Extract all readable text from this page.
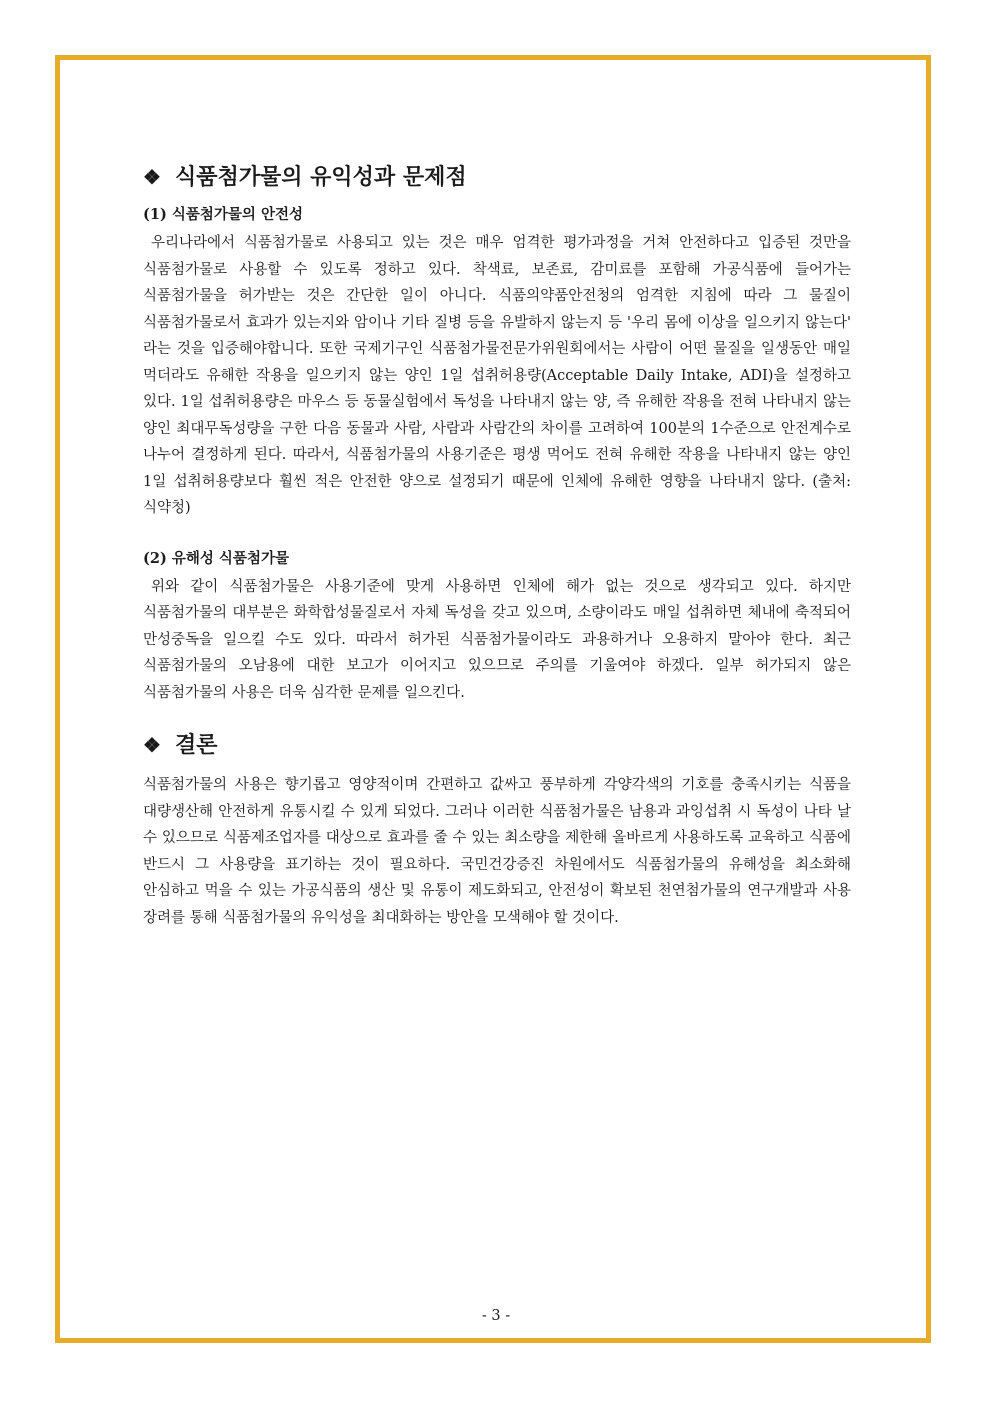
❖ 식품첨가물의 유익성과 문제점
(1) 식품첨가물의 안전성

우리나라에서 식품첨가물로 사용되고 있는 것은 매우 엄격한 평가과정을 거쳐 안전하다고 입증된 것만을 식품첨가물로 사용할 수 있도록 정하고 있다. 착색료, 보존료, 감미료를 포함해 가공식품에 들어가는 식품첨가물을 허가받는 것은 간단한 일이 아니다. 식품의약품안전청의 엄격한 지침에 따라 그 물질이 식품첨가물로서 효과가 있는지와 암이나 기타 질병 등을 유발하지 않는지 등 '우리 몸에 이상을 일으키지 않는다' 라는 것을 입증해야합니다. 또한 국제기구인 식품첨가물전문가위원회에서는 사람이 어떤 물질을 일생동안 매일 먹더라도 유해한 작용을 일으키지 않는 양인 1일 섭취허용량(Acceptable Daily Intake, ADI)을 설정하고 있다. 1일 섭취허용량은 마우스 등 동물실험에서 독성을 나타내지 않는 양, 즉 유해한 작용을 전혀 나타내지 않는 양인 최대무독성량을 구한 다음 동물과 사람, 사람과 사람간의 차이를 고려하여 100분의 1수준으로 안전계수로 나누어 결정하게 된다. 따라서, 식품첨가물의 사용기준은 평생 먹어도 전혀 유해한 작용을 나타내지 않는 양인 1일 섭취허용량보다 훨씬 적은 안전한 양으로 설정되기 때문에 인체에 유해한 영향을 나타내지 않다. (출처:식약청)

(2) 유해성 식품첨가물

위와 같이 식품첨가물은 사용기준에 맞게 사용하면 인체에 해가 없는 것으로 생각되고 있다. 하지만 식품첨가물의 대부분은 화학합성물질로서 자체 독성을 갖고 있으며, 소량이라도 매일 섭취하면 체내에 축적되어 만성중독을 일으킬 수도 있다. 따라서 허가된 식품첨가물이라도 과용하거나 오용하지 말아야 한다. 최근 식품첨가물의 오남용에 대한 보고가 이어지고 있으므로 주의를 기울여야 하겠다. 일부 허가되지 않은 식품첨가물의 사용은 더욱 심각한 문제를 일으킨다.

❖ 결론

식품첨가물의 사용은 향기롭고 영양적이며 간편하고 값싸고 풍부하게 각양각색의 기호를 충족시키는 식품을 대량생산해 안전하게 유통시킬 수 있게 되었다. 그러나 이러한 식품첨가물은 남용과 과잉섭취 시 독성이 나타 날 수 있으므로 식품제조업자를 대상으로 효과를 줄 수 있는 최소량을 제한해 올바르게 사용하도록 교육하고 식품에 반드시 그 사용량을 표기하는 것이 필요하다. 국민건강증진 차원에서도 식품첨가물의 유해성을 최소화해 안심하고 먹을 수 있는 가공식품의 생산 및 유통이 제도화되고, 안전성이 확보된 천연첨가물의 연구개발과 사용 장려를 통해 식품첨가물의 유익성을 최대화하는 방안을 모색해야 할 것이다.

- 3 -
